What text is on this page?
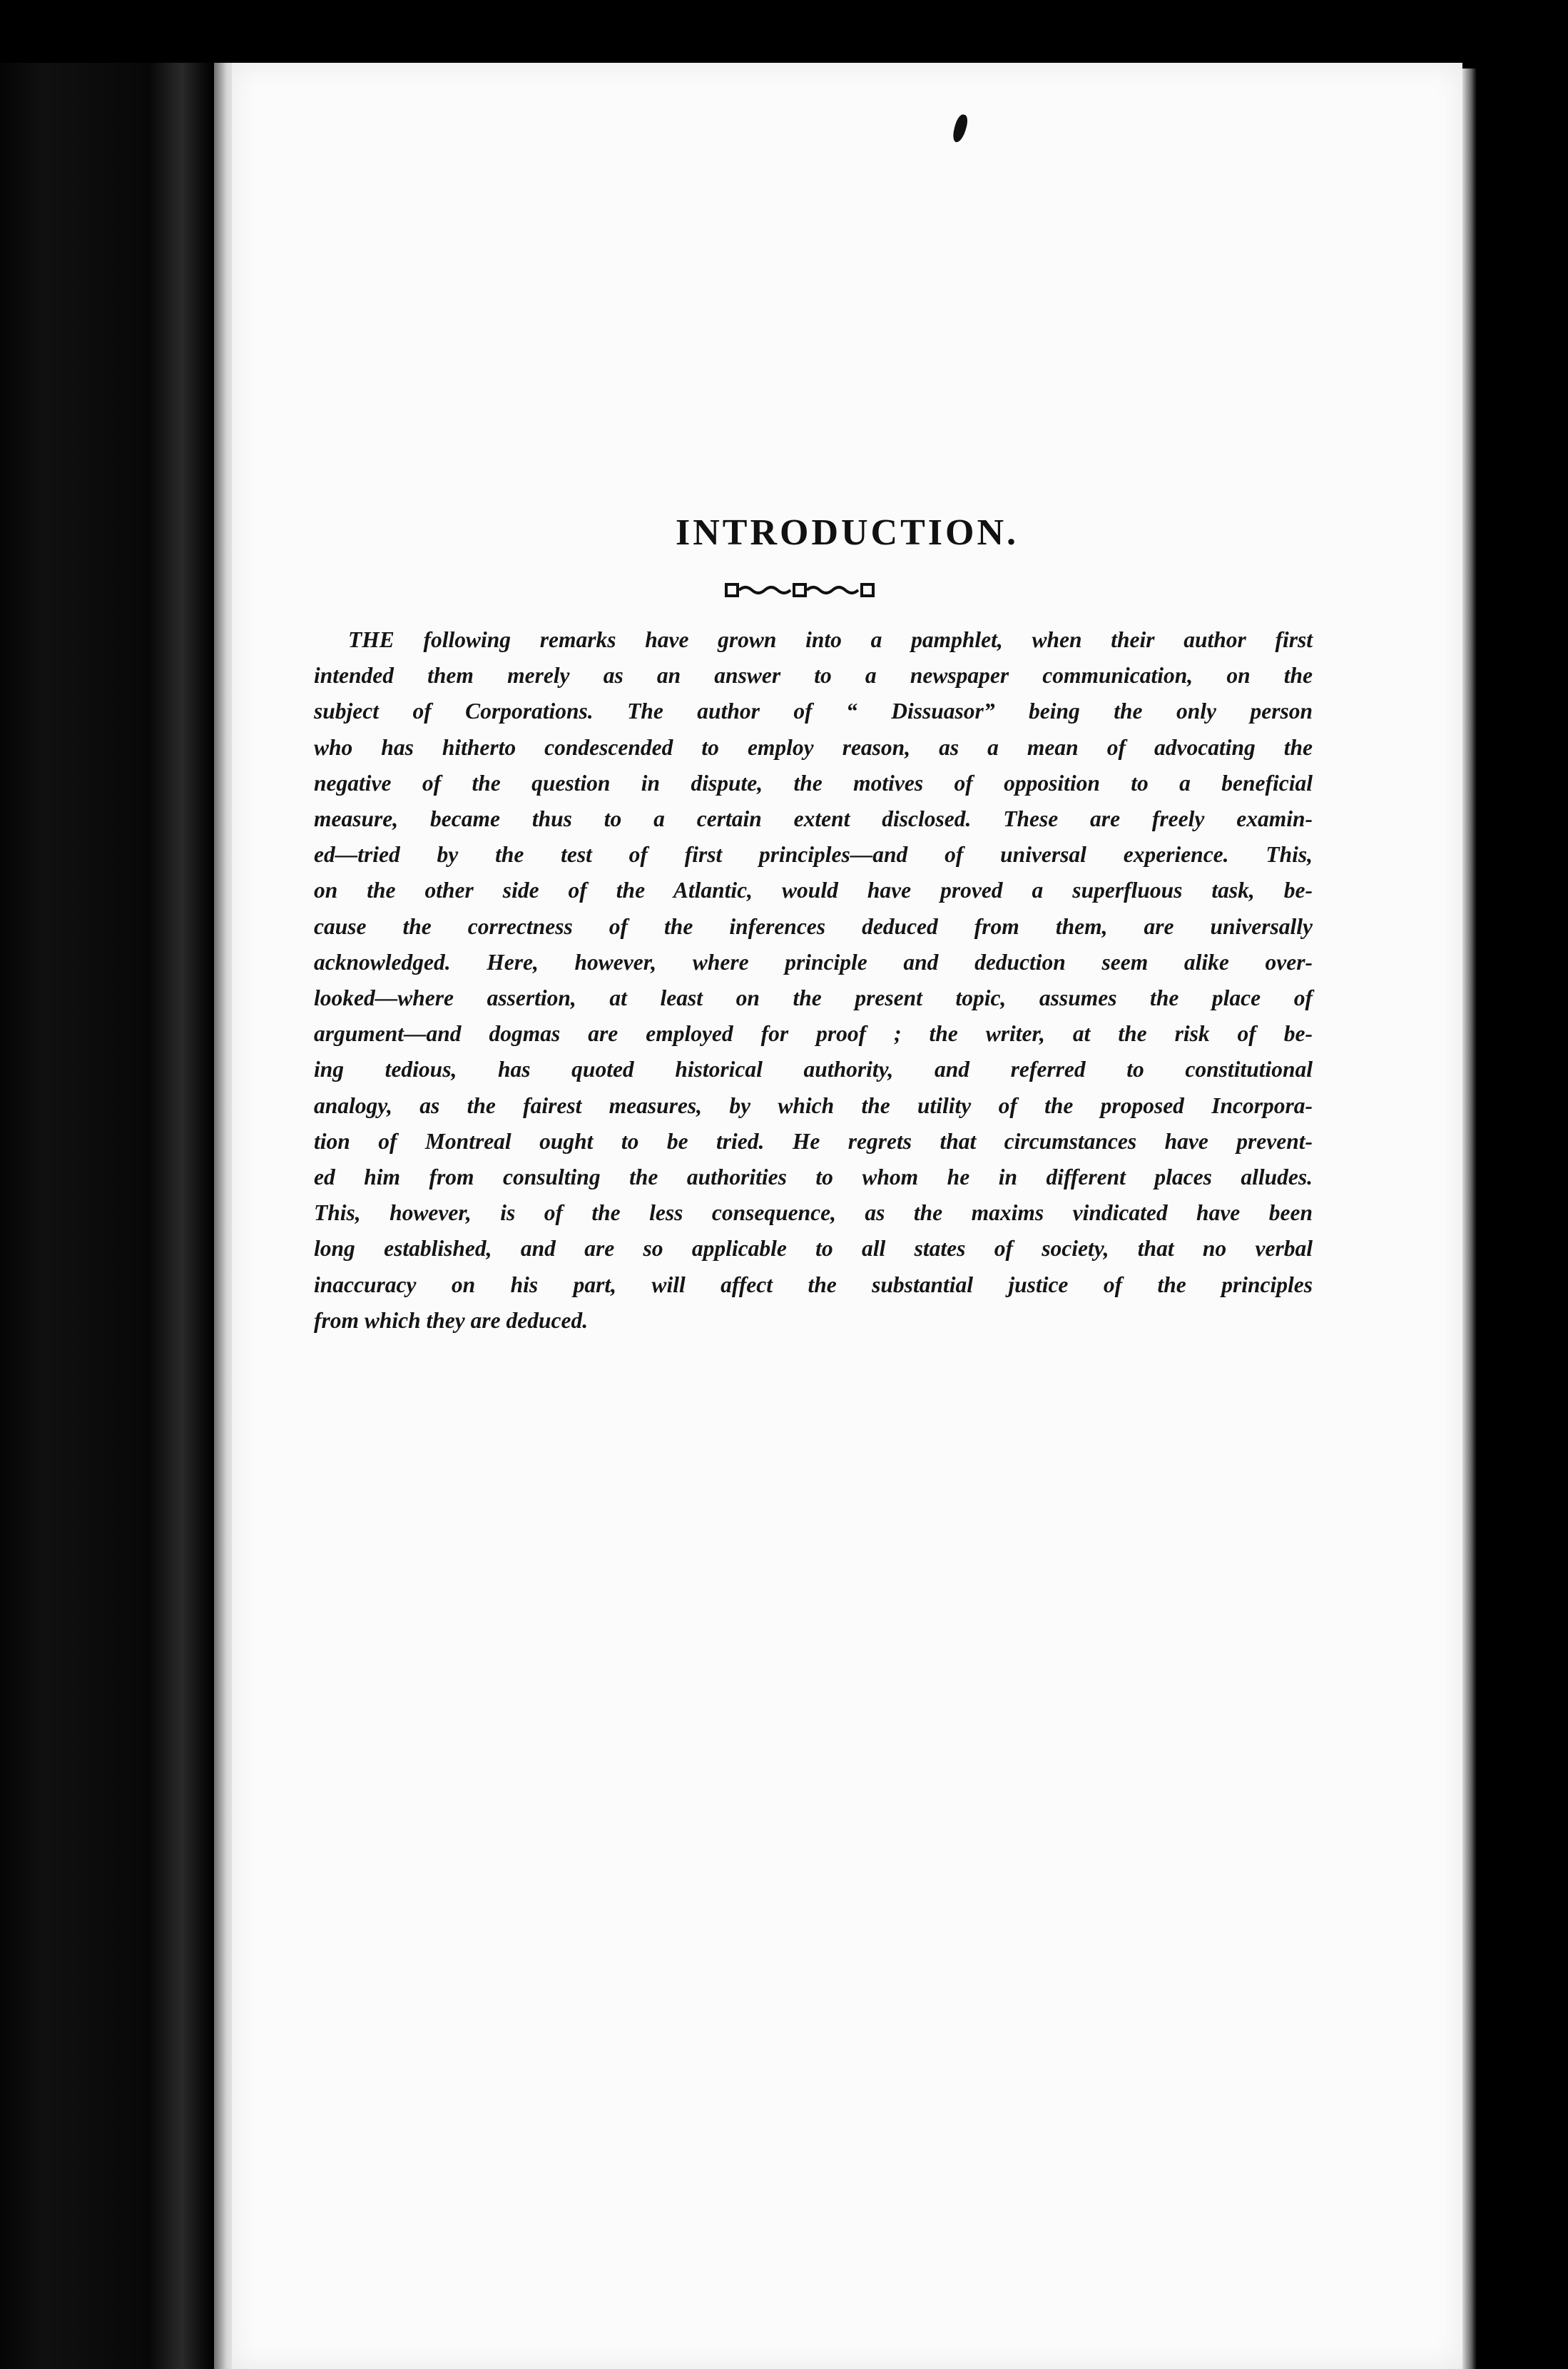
INTRODUCTION.

THE following remarks have grown into a pamphlet, when their author first
intended them merely as an answer to a newspaper communication, on the
subject of Corporations. The author of “ Dissuasor” being the only person
who has hitherto condescended to employ reason, as a mean of advocating the
negative of the question in dispute, the motives of opposition to a beneficial
measure, became thus to a certain extent disclosed. These are freely examin-
ed—tried by the test of first principles—and of universal experience. This,
on the other side of the Atlantic, would have proved a superfluous task, be-
cause the correctness of the inferences deduced from them, are universally
acknowledged. Here, however, where principle and deduction seem alike over-
looked—where assertion, at least on the present topic, assumes the place of
argument—and dogmas are employed for proof ; the writer, at the risk of be-
ing tedious, has quoted historical authority, and referred to constitutional
analogy, as the fairest measures, by which the utility of the proposed Incorpora-
tion of Montreal ought to be tried. He regrets that circumstances have prevent-
ed him from consulting the authorities to whom he in different places alludes.
This, however, is of the less consequence, as the maxims vindicated have been
long established, and are so applicable to all states of society, that no verbal
inaccuracy on his part, will affect the substantial justice of the principles
from which they are deduced.
